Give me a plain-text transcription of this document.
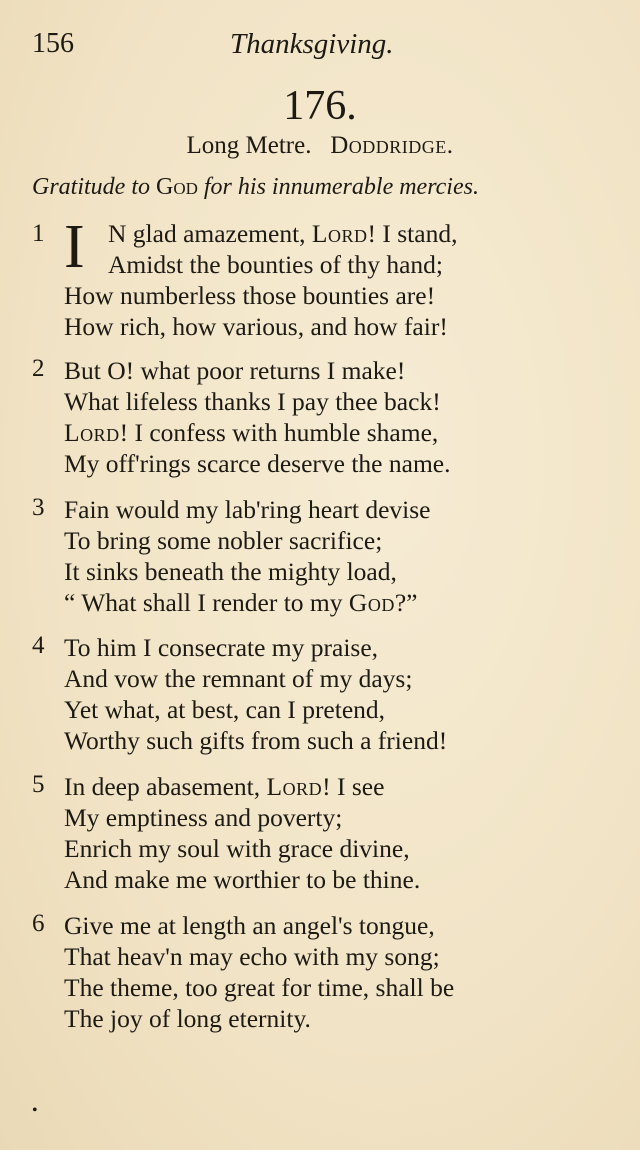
156	Thanksgiving.
176.
Long Metre. Doddridge.
Gratitude to God for his innumerable mercies.
1 I N glad amazement, Lord! I stand,
Amidst the bounties of thy hand;
How numberless those bounties are!
How rich, how various, and how fair!
2 But O! what poor returns I make!
What lifeless thanks I pay thee back!
Lord! I confess with humble shame,
My off'rings scarce deserve the name.
3 Fain would my lab'ring heart devise
To bring some nobler sacrifice;
It sinks beneath the mighty load,
“ What shall I render to my God?”
4 To him I consecrate my praise,
And vow the remnant of my days;
Yet what, at best, can I pretend,
Worthy such gifts from such a friend!
5 In deep abasement, Lord! I see
My emptiness and poverty;
Enrich my soul with grace divine,
And make me worthier to be thine.
6 Give me at length an angel's tongue,
That heav'n may echo with my song;
The theme, too great for time, shall be
The joy of long eternity.
•
